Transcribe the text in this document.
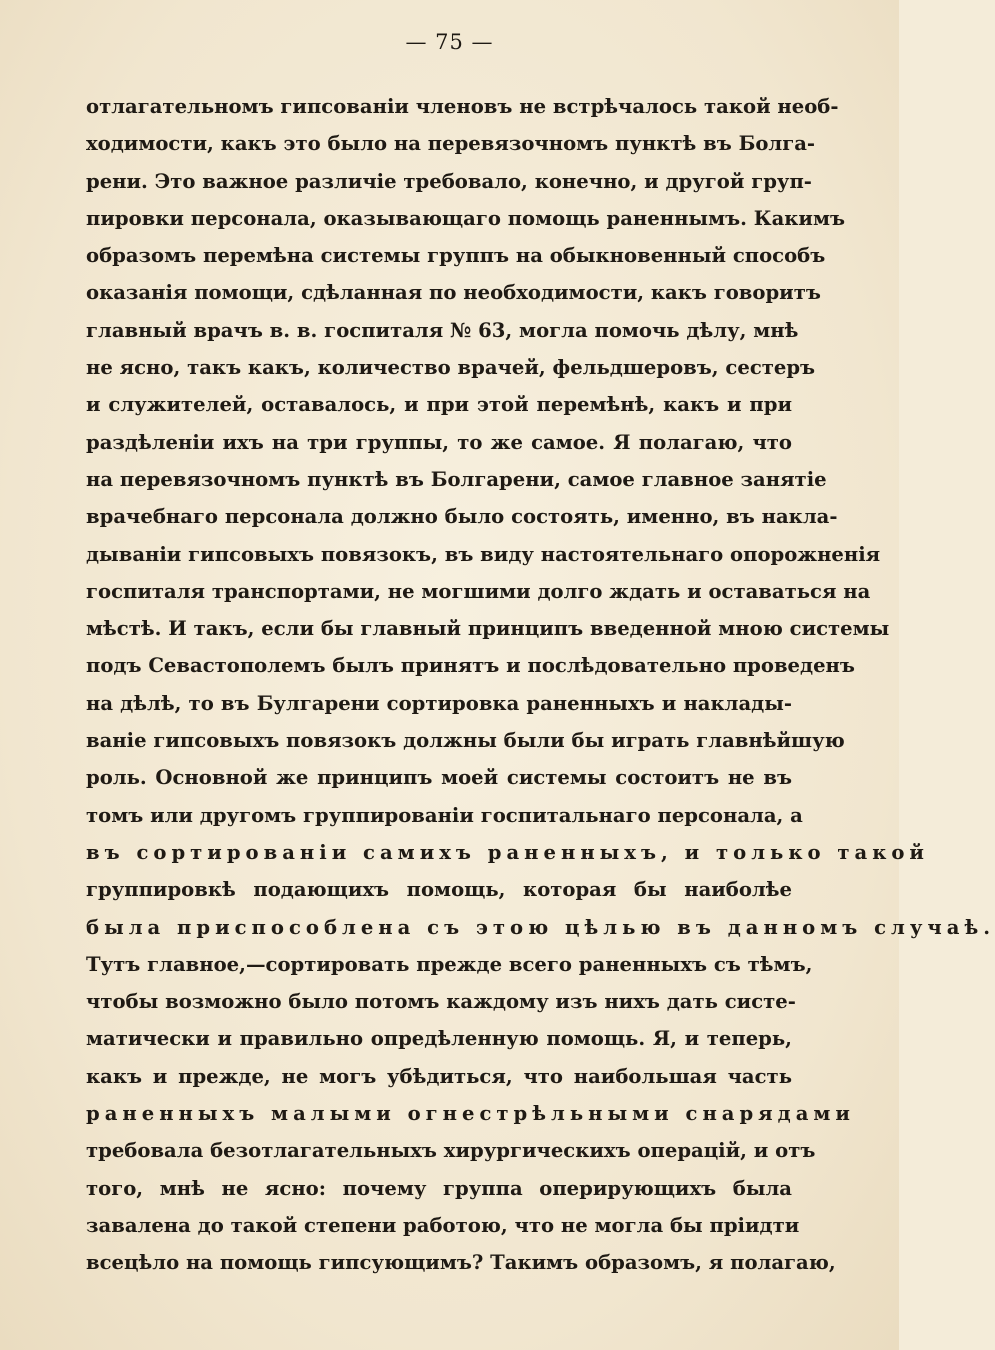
— 75 —
отлагательномъ гипсованіи членовъ не встрѣчалось такой необ-
ходимости, какъ это было на перевязочномъ пунктѣ въ Болга-
рени. Это важное различіе требовало, конечно, и другой груп-
пировки персонала, оказывающаго помощь раненнымъ. Какимъ
образомъ перемѣна системы группъ на обыкновенный способъ
оказанія помощи, сдѣланная по необходимости, какъ говоритъ
главный врачъ в. в. госпиталя № 63, могла помочь дѣлу, мнѣ
не ясно, такъ какъ, количество врачей, фельдшеровъ, сестеръ
и служителей, оставалось, и при этой перемѣнѣ, какъ и при
раздѣленіи ихъ на три группы, то же самое. Я полагаю, что
на перевязочномъ пунктѣ въ Болгарени, самое главное занятіе
врачебнаго персонала должно было состоять, именно, въ накла-
дываніи гипсовыхъ повязокъ, въ виду настоятельнаго опорожненія
госпиталя транспортами, не могшими долго ждать и оставаться на
мѣстѣ. И такъ, если бы главный принципъ введенной мною системы
подъ Севастополемъ былъ принятъ и послѣдовательно проведенъ
на дѣлѣ, то въ Булгарени сортировка раненныхъ и наклады-
ваніе гипсовыхъ повязокъ должны были бы играть главнѣйшую
роль. Основной же принципъ моей системы состоитъ не въ
томъ или другомъ группированіи госпитальнаго персонала, а
въ сортированіи самихъ раненныхъ, и только такой
группировкѣ подающихъ помощь, которая бы наиболѣе
была приспособлена съ этою цѣлью въ данномъ случаѣ.
Тутъ главное,—сортировать прежде всего раненныхъ съ тѣмъ,
чтобы возможно было потомъ каждому изъ нихъ дать систе-
матически и правильно опредѣленную помощь. Я, и теперь,
какъ и прежде, не могъ убѣдиться, что наибольшая часть
раненныхъ малыми огнестрѣльными снарядами
требовала безотлагательныхъ хирургическихъ операцій, и отъ
того, мнѣ не ясно: почему группа оперирующихъ была
завалена до такой степени работою, что не могла бы пріидти
всецѣло на помощь гипсующимъ? Такимъ образомъ, я полагаю,
